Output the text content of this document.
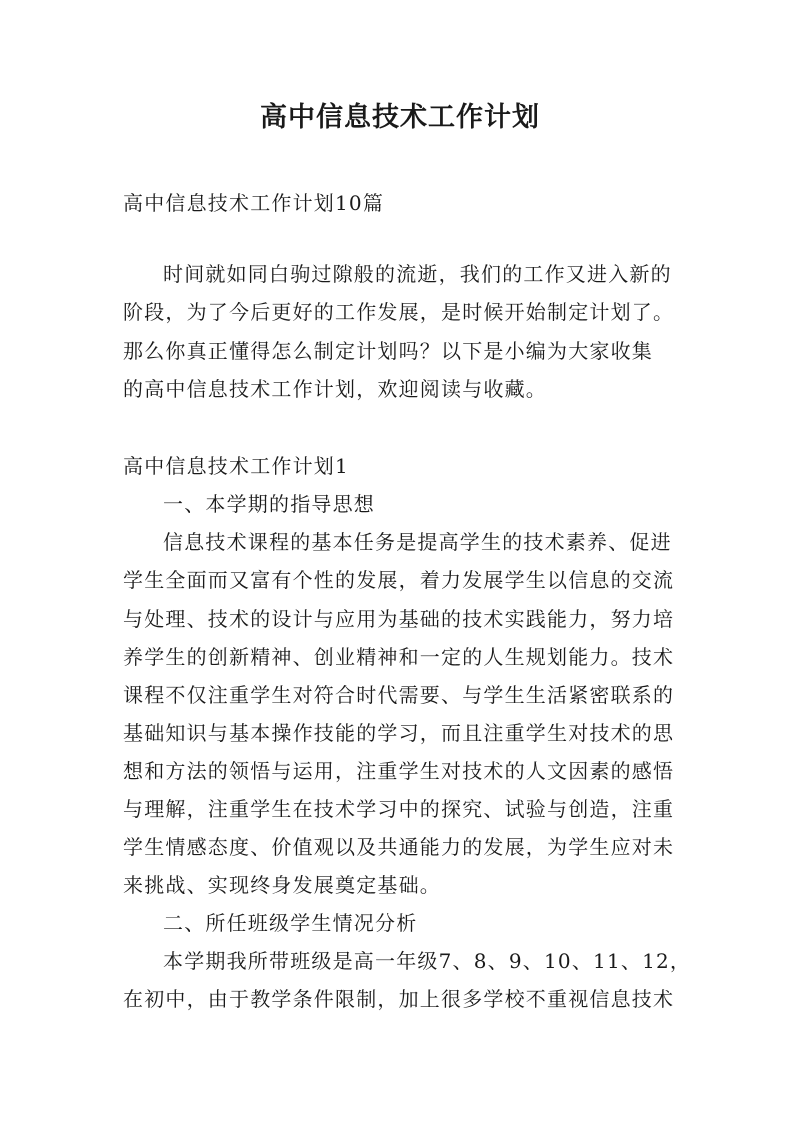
高中信息技术工作计划
高中信息技术工作计划10篇
时间就如同白驹过隙般的流逝，我们的工作又进入新的
阶段，为了今后更好的工作发展，是时候开始制定计划了。
那么你真正懂得怎么制定计划吗？以下是小编为大家收集
的高中信息技术工作计划，欢迎阅读与收藏。
高中信息技术工作计划1
一、本学期的指导思想
信息技术课程的基本任务是提高学生的技术素养、促进
学生全面而又富有个性的发展，着力发展学生以信息的交流
与处理、技术的设计与应用为基础的技术实践能力，努力培
养学生的创新精神、创业精神和一定的人生规划能力。技术
课程不仅注重学生对符合时代需要、与学生生活紧密联系的
基础知识与基本操作技能的学习，而且注重学生对技术的思
想和方法的领悟与运用，注重学生对技术的人文因素的感悟
与理解，注重学生在技术学习中的探究、试验与创造，注重
学生情感态度、价值观以及共通能力的发展，为学生应对未
来挑战、实现终身发展奠定基础。
二、所任班级学生情况分析
本学期我所带班级是高一年级7、8、9、10、11、12，
在初中，由于教学条件限制，加上很多学校不重视信息技术
